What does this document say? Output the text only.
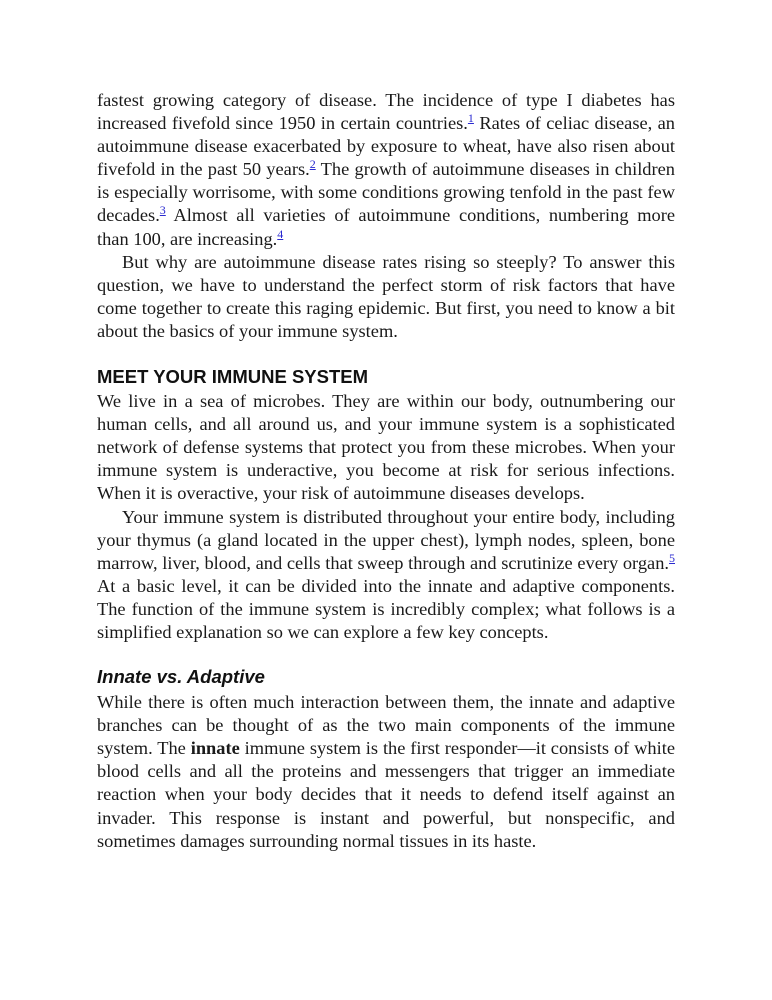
fastest growing category of disease. The incidence of type I diabetes has increased fivefold since 1950 in certain countries.$^1$ Rates of celiac disease, an autoimmune disease exacerbated by exposure to wheat, have also risen about fivefold in the past 50 years.$^2$ The growth of autoimmune diseases in children is especially worrisome, with some conditions growing tenfold in the past few decades.$^3$ Almost all varieties of autoimmune conditions, numbering more than 100, are increasing.$^4$

But why are autoimmune disease rates rising so steeply? To answer this question, we have to understand the perfect storm of risk factors that have come together to create this raging epidemic. But first, you need to know a bit about the basics of your immune system.

MEET YOUR IMMUNE SYSTEM

We live in a sea of microbes. They are within our body, outnumbering our human cells, and all around us, and your immune system is a sophisticated network of defense systems that protect you from these microbes. When your immune system is underactive, you become at risk for serious infections. When it is overactive, your risk of autoimmune diseases develops.

Your immune system is distributed throughout your entire body, including your thymus (a gland located in the upper chest), lymph nodes, spleen, bone marrow, liver, blood, and cells that sweep through and scrutinize every organ.$^5$ At a basic level, it can be divided into the innate and adaptive components. The function of the immune system is incredibly complex; what follows is a simplified explanation so we can explore a few key concepts.

Innate vs. Adaptive

While there is often much interaction between them, the innate and adaptive branches can be thought of as the two main components of the immune system. The innate immune system is the first responder—it consists of white blood cells and all the proteins and messengers that trigger an immediate reaction when your body decides that it needs to defend itself against an invader. This response is instant and powerful, but nonspecific, and sometimes damages surrounding normal tissues in its haste.
